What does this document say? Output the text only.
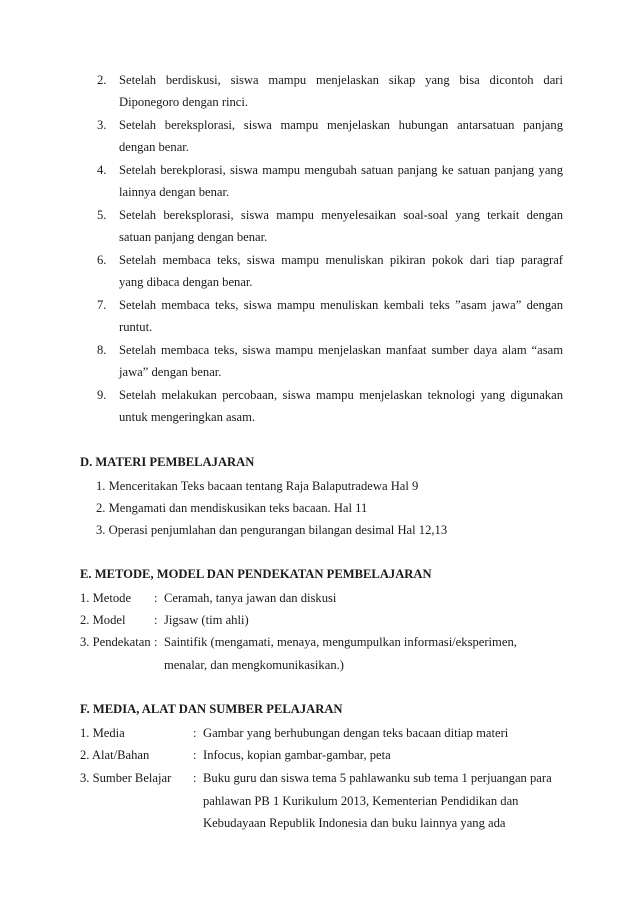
2. Setelah berdiskusi, siswa mampu menjelaskan sikap yang bisa dicontoh dari
Diponegoro dengan rinci.
3. Setelah bereksplorasi, siswa mampu menjelaskan hubungan antarsatuan panjang
dengan benar.
4. Setelah berekplorasi, siswa mampu mengubah satuan panjang ke satuan panjang yang
lainnya dengan benar.
5. Setelah bereksplorasi, siswa mampu menyelesaikan soal-soal yang terkait dengan
satuan panjang dengan benar.
6. Setelah membaca teks, siswa mampu menuliskan pikiran pokok dari tiap paragraf
yang dibaca dengan benar.
7. Setelah membaca teks, siswa mampu menuliskan kembali teks ”asam jawa” dengan
runtut.
8. Setelah membaca teks, siswa mampu menjelaskan manfaat sumber daya alam “asam
jawa” dengan benar.
9. Setelah melakukan percobaan, siswa mampu menjelaskan teknologi yang digunakan
untuk mengeringkan asam.
D. MATERI PEMBELAJARAN
1. Menceritakan Teks bacaan tentang Raja Balaputradewa Hal 9
2. Mengamati dan mendiskusikan teks bacaan. Hal 11
3. Operasi penjumlahan dan pengurangan bilangan desimal Hal 12,13
E. METODE, MODEL DAN PENDEKATAN PEMBELAJARAN
1. Metode : Ceramah, tanya jawan dan diskusi
2. Model : Jigsaw (tim ahli)
3. Pendekatan : Saintifik (mengamati, menaya, mengumpulkan informasi/eksperimen,
menalar, dan mengkomunikasikan.)
F. MEDIA, ALAT DAN SUMBER PELAJARAN
1. Media	: Gambar yang berhubungan dengan teks bacaan ditiap materi
2. Alat/Bahan	: Infocus, kopian gambar-gambar, peta
3. Sumber Belajar : Buku guru dan siswa tema 5 pahlawanku sub tema 1 perjuangan para
pahlawan PB 1 Kurikulum 2013, Kementerian Pendidikan dan
Kebudayaan Republik Indonesia dan buku lainnya yang ada
